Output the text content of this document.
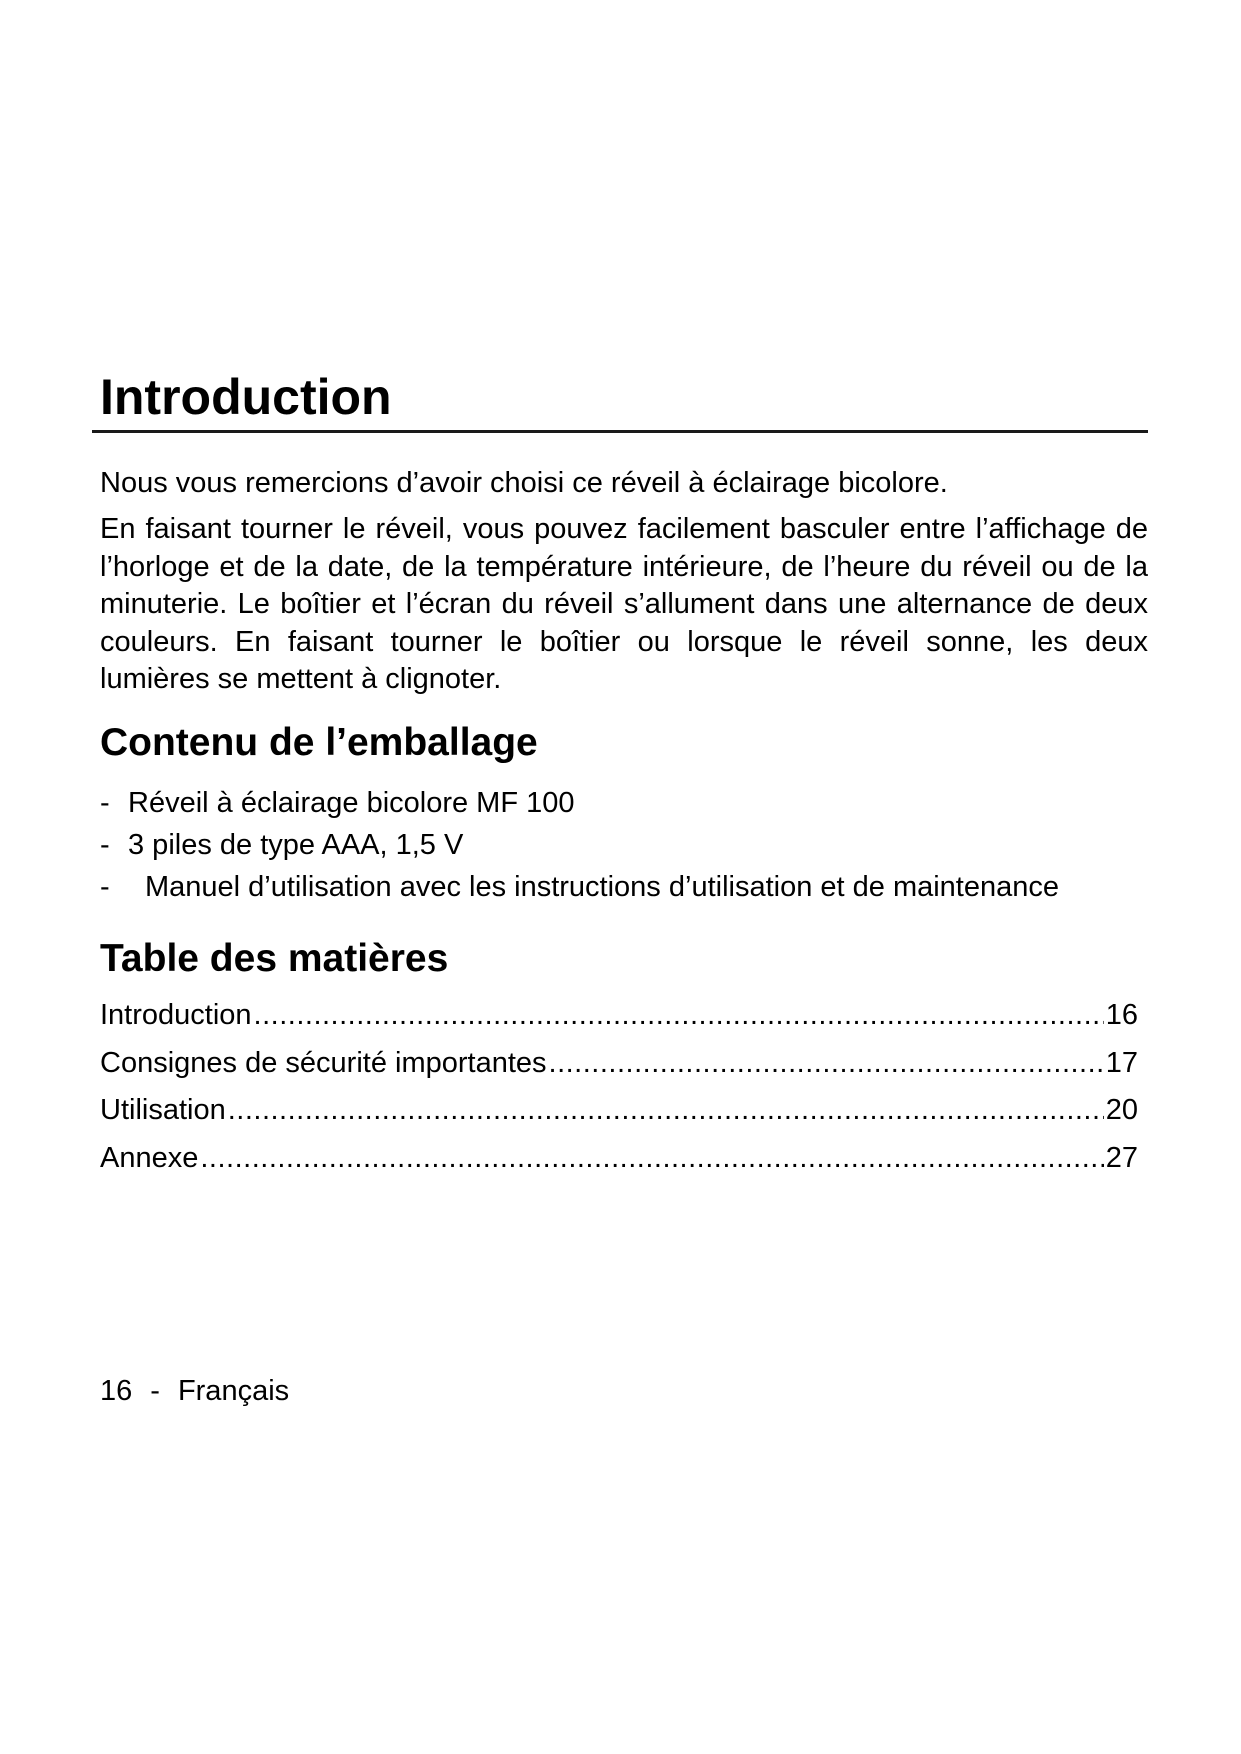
Introduction

Nous vous remercions d’avoir choisi ce réveil à éclairage bicolore.

En faisant tourner le réveil, vous pouvez facilement basculer entre l’affichage de l’horloge et de la date, de la température intérieure, de l’heure du réveil ou de la minuterie. Le boîtier et l’écran du réveil s’allument dans une alternance de deux couleurs. En faisant tourner le boîtier ou lorsque le réveil sonne, les deux lumières se mettent à clignoter.

Contenu de l’emballage
- Réveil à éclairage bicolore MF 100
- 3 piles de type AAA, 1,5 V
- Manuel d’utilisation avec les instructions d’utilisation et de maintenance
Table des matières
Introduction .....	16
Consignes de sécurité importantes .....	17
Utilisation .....	20
Annexe .....	27
16 - Français
